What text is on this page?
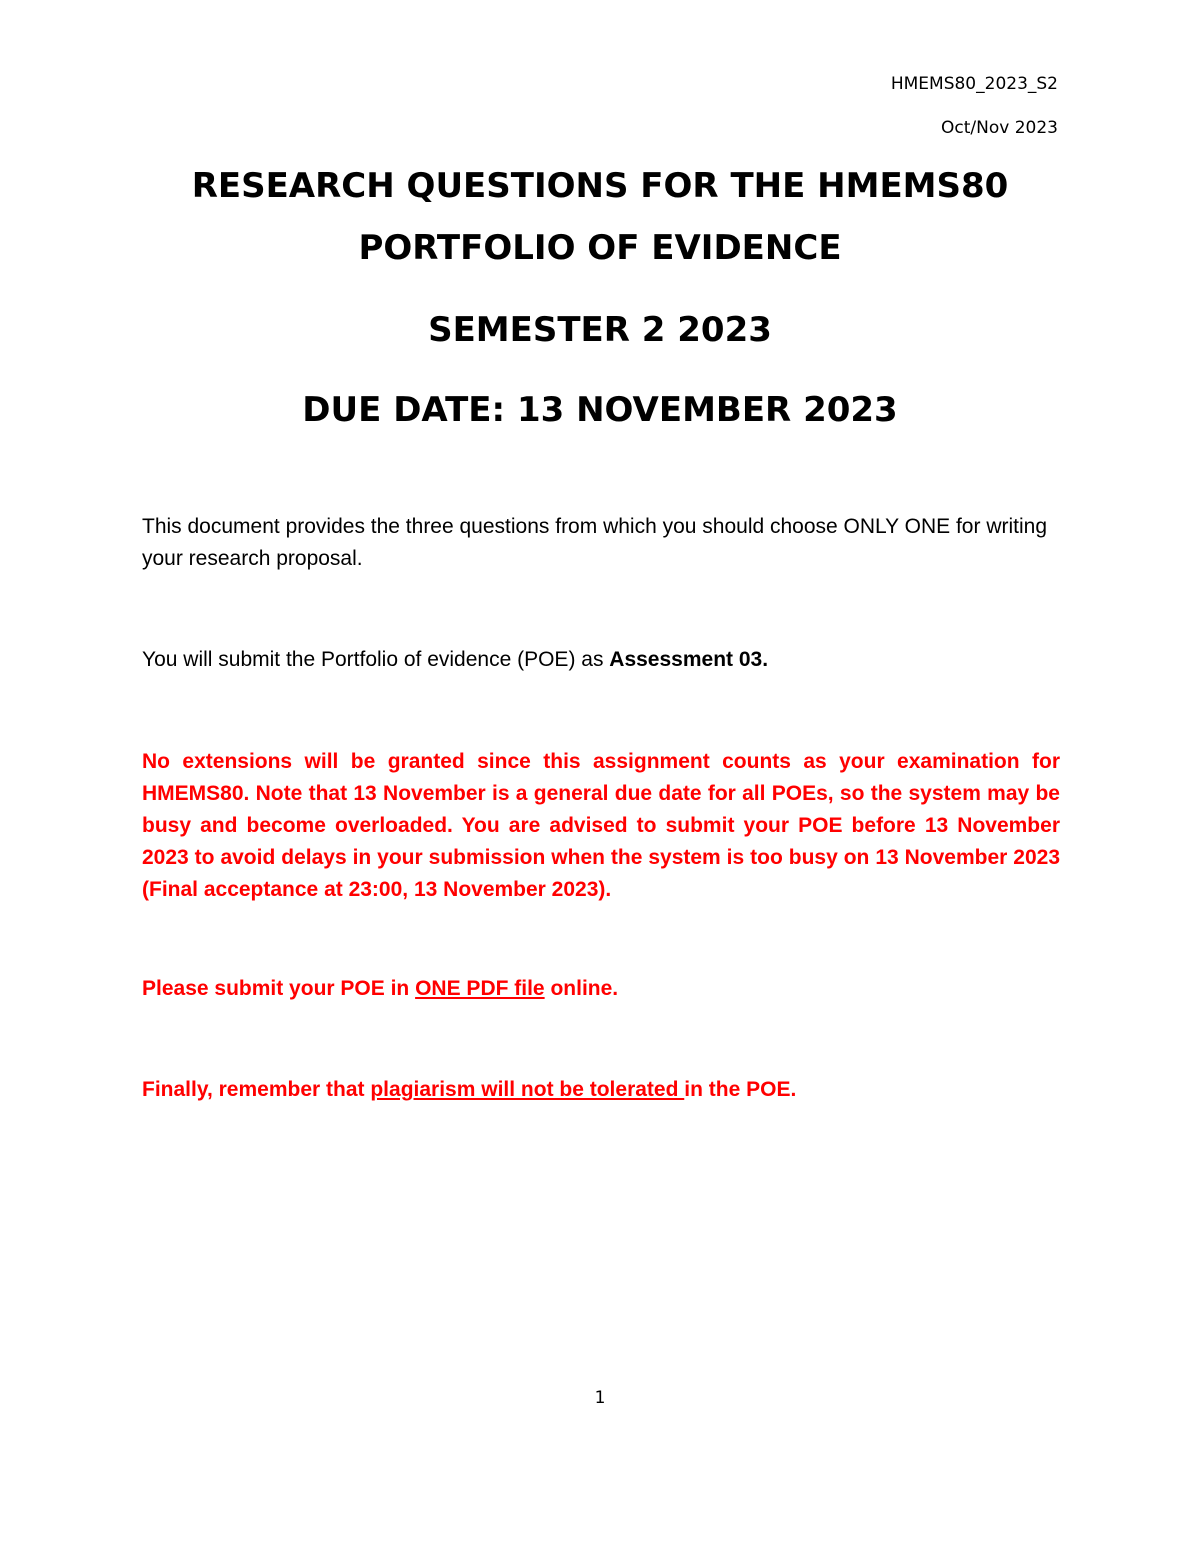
HMEMS80_2023_S2
Oct/Nov 2023
RESEARCH QUESTIONS FOR THE HMEMS80
PORTFOLIO OF EVIDENCE
SEMESTER 2 2023
DUE DATE: 13 NOVEMBER 2023
This document provides the three questions from which you should choose ONLY ONE for writing your research proposal.
You will submit the Portfolio of evidence (POE) as Assessment 03.
No extensions will be granted since this assignment counts as your examination for HMEMS80. Note that 13 November is a general due date for all POEs, so the system may be busy and become overloaded. You are advised to submit your POE before 13 November 2023 to avoid delays in your submission when the system is too busy on 13 November 2023 (Final acceptance at 23:00, 13 November 2023).
Please submit your POE in ONE PDF file online.
Finally, remember that plagiarism will not be tolerated in the POE.
1
